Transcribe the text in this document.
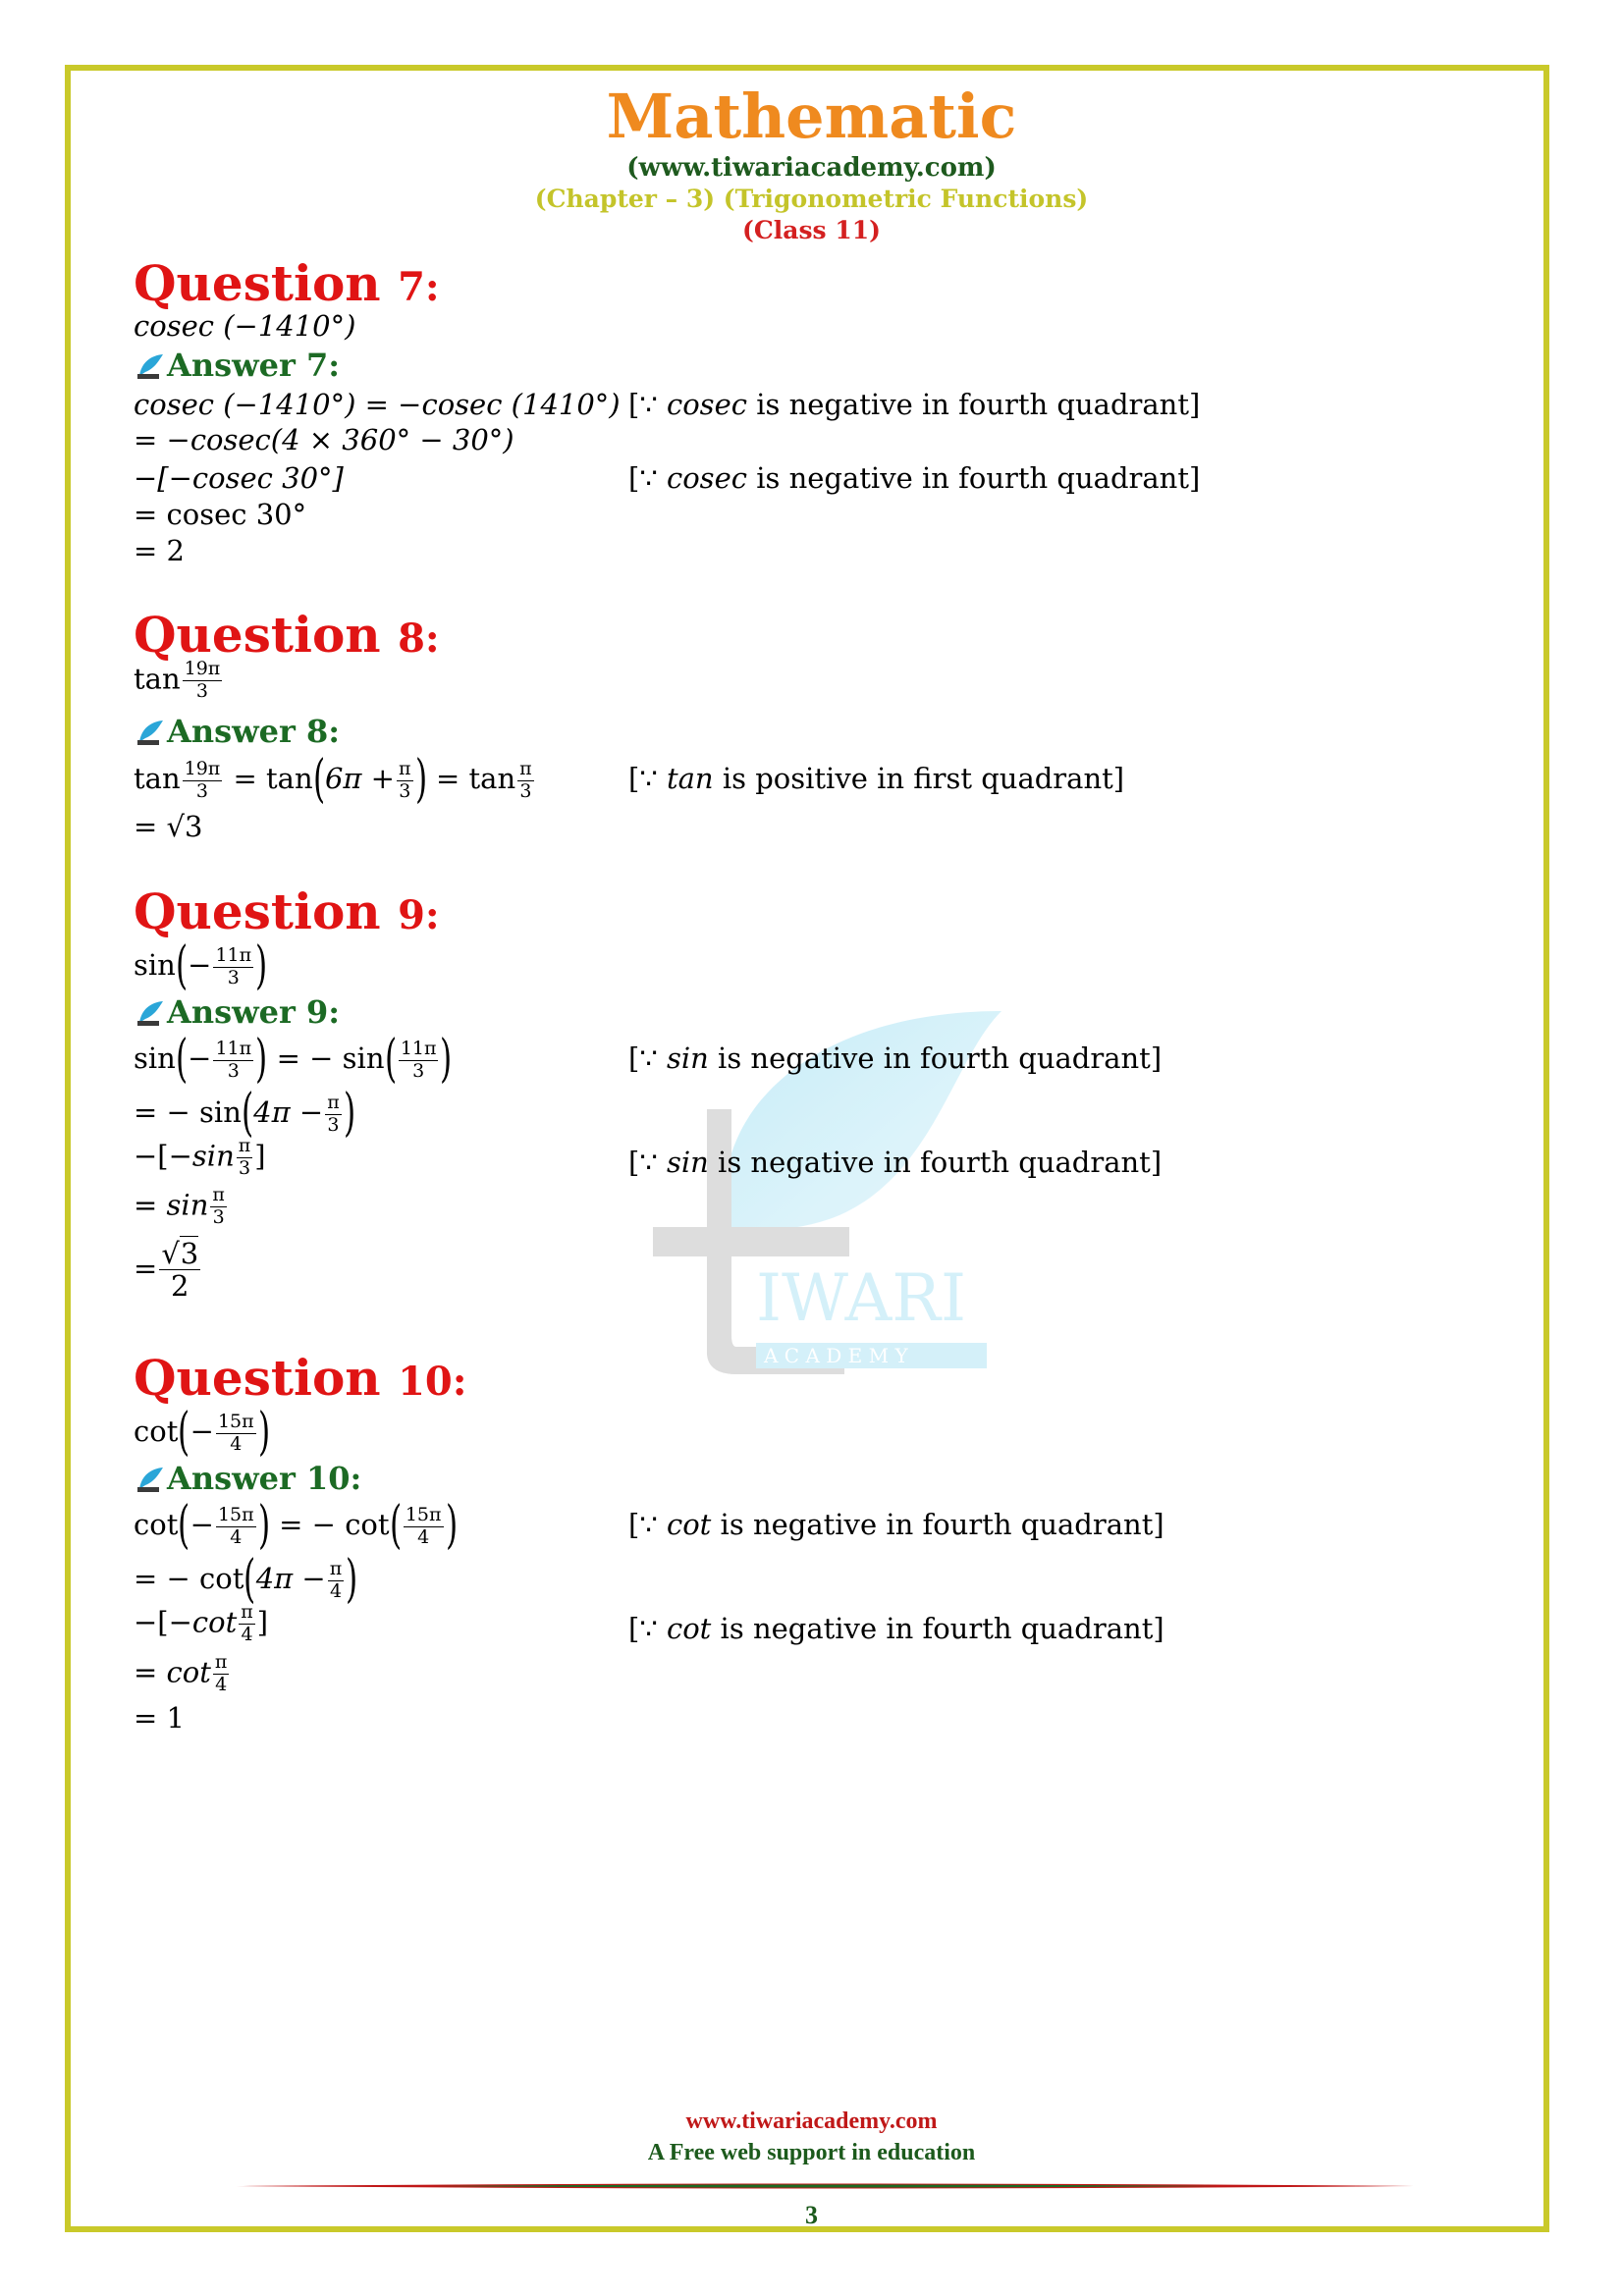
Mathematic
(www.tiwariacademy.com)
(Chapter – 3) (Trigonometric Functions)
(Class 11)
IWARI
A C A D E M Y
Question 7:
cosec (−1410°)
Answer 7:
cosec (−1410°) = −cosec (1410°) [∵ cosec is negative in fourth quadrant]
= −cosec(4 × 360° − 30°)
−[−cosec 30°]	[∵ cosec is negative in fourth quadrant]
= cosec 30°
= 2
Question 8:
$\tan \frac{19\pi}{3}$
Answer 8:
$\tan \frac{19\pi}{3} = \tan(6\pi + \frac{\pi}{3}$ ) = $\tan \frac{\pi}{3}$	[∵ tan is positive in first quadrant]
= √3
Question 9:
$\sin(- \frac{11\pi}{3}$ )
Answer 9:
$\sin(- \frac{11\pi}{3}$ ) = − $\sin( \frac{11\pi}{3}$ )	[∵ sin is negative in fourth quadrant]
= − $\sin(4\pi - \frac{\pi}{3}$ )
$-[-\sin \frac{\pi}{3}$ ]	[∵ sin is negative in fourth quadrant]
= $\sin \frac{\pi}{3}$
= $\frac{√3}{2}$
Question 10:
$\cot(- \frac{15\pi}{4}$ )
Answer 10:
$\cot(- \frac{15\pi}{4}$ ) = − $\cot( \frac{15\pi}{4}$ )	[∵ cot is negative in fourth quadrant]
= − $\cot(4\pi - \frac{\pi}{4}$ )
$-[-\cot \frac{\pi}{4}$ ]	[∵ cot is negative in fourth quadrant]
= $\cot \frac{\pi}{4}$
= 1
www.tiwariacademy.com
A Free web support in education
3
